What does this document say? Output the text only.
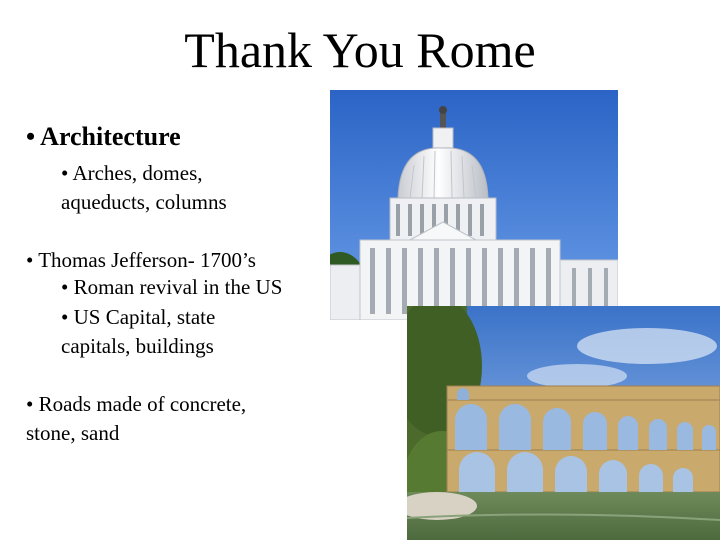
Thank You Rome
• Architecture
• Arches, domes,
aqueducts, columns
• Thomas Jefferson- 1700’s
• Roman revival in the US
• US Capital, state
capitals, buildings
• Roads made of concrete,
stone, sand
